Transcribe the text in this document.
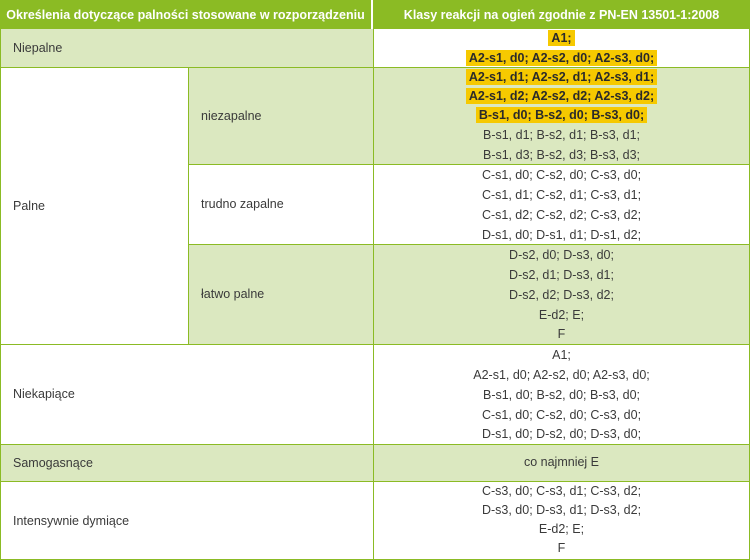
Określenia dotyczące palności stosowane w rozporządzeniu	Klasy reakcji na ogień zgodnie z PN-EN 13501-1:2008
Niepalne
A1;
A2-s1, d0; A2-s2, d0; A2-s3, d0;
Palne
niezapalne
A2-s1, d1; A2-s2, d1; A2-s3, d1;
A2-s1, d2; A2-s2, d2; A2-s3, d2;
B-s1, d0; B-s2, d0; B-s3, d0;
B-s1, d1; B-s2, d1; B-s3, d1;
B-s1, d3; B-s2, d3; B-s3, d3;
trudno zapalne
C-s1, d0; C-s2, d0; C-s3, d0;
C-s1, d1; C-s2, d1; C-s3, d1;
C-s1, d2; C-s2, d2; C-s3, d2;
D-s1, d0; D-s1, d1; D-s1, d2;
łatwo palne
D-s2, d0; D-s3, d0;
D-s2, d1; D-s3, d1;
D-s2, d2; D-s3, d2;
E-d2; E;
F
Niekapiące
A1;
A2-s1, d0; A2-s2, d0; A2-s3, d0;
B-s1, d0; B-s2, d0; B-s3, d0;
C-s1, d0; C-s2, d0; C-s3, d0;
D-s1, d0; D-s2, d0; D-s3, d0;
Samogasnące	co najmniej E
Intensywnie dymiące
C-s3, d0; C-s3, d1; C-s3, d2;
D-s3, d0; D-s3, d1; D-s3, d2;
E-d2; E;
F
